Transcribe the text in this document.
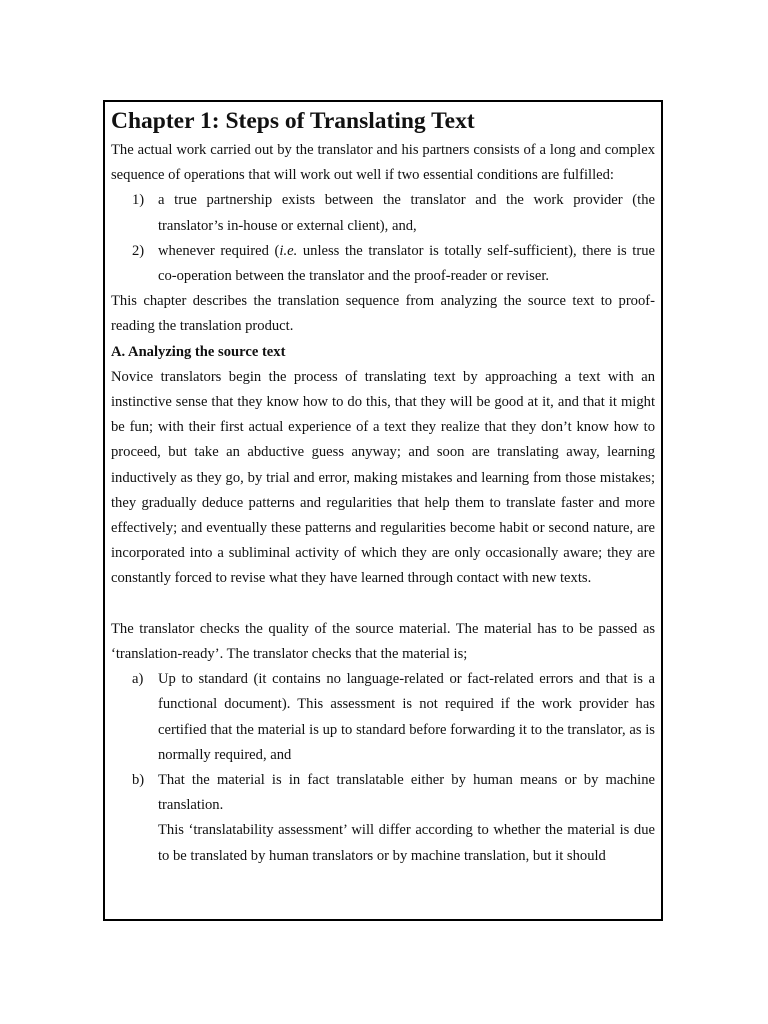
Chapter 1: Steps of Translating Text

The actual work carried out by the translator and his partners consists of a long and complex sequence of operations that will work out well if two essential conditions are fulfilled:

1) a true partnership exists between the translator and the work provider (the translator’s in-house or external client), and,
2) whenever required (i.e. unless the translator is totally self-sufficient), there is true co-operation between the translator and the proof-reader or reviser.

This chapter describes the translation sequence from analyzing the source text to proof-reading the translation product.

A. Analyzing the source text

Novice translators begin the process of translating text by approaching a text with an instinctive sense that they know how to do this, that they will be good at it, and that it might be fun; with their first actual experience of a text they realize that they don’t know how to proceed, but take an abductive guess anyway; and soon are translating away, learning inductively as they go, by trial and error, making mistakes and learning from those mistakes; they gradually deduce patterns and regularities that help them to translate faster and more effectively; and eventually these patterns and regularities become habit or second nature, are incorporated into a subliminal activity of which they are only occasionally aware; they are constantly forced to revise what they have learned through contact with new texts.

The translator checks the quality of the source material. The material has to be passed as ‘translation-ready’. The translator checks that the material is;

a)	Up to standard (it contains no language-related or fact-related errors and that is a functional document). This assessment is not required if the work provider has certified that the material is up to standard before forwarding it to the translator, as is normally required, and
b) That the material is in fact translatable either by human means or by machine translation.

This ‘translatability assessment’ will differ according to whether the material is due to be translated by human translators or by machine translation, but it should
